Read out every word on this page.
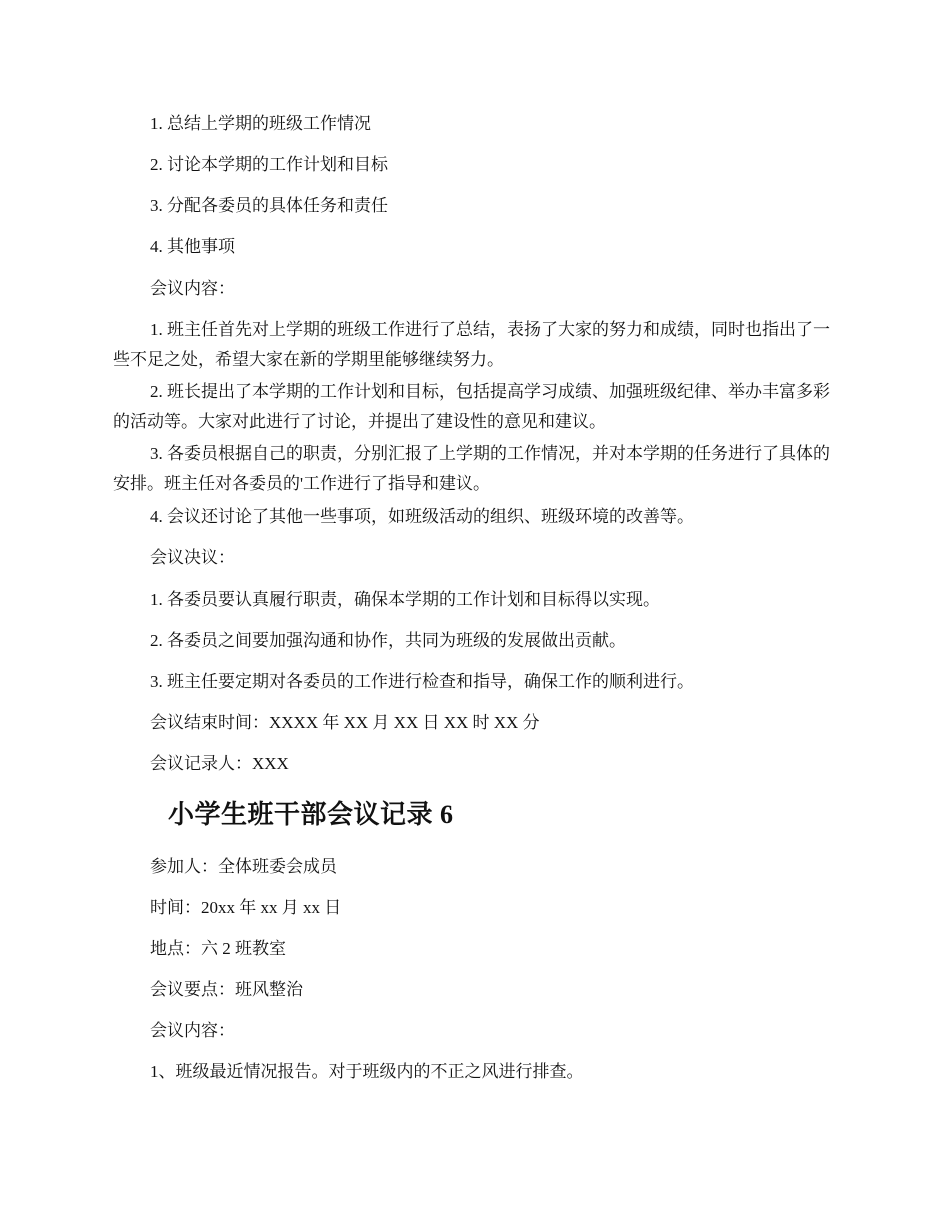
1. 总结上学期的班级工作情况

2. 讨论本学期的工作计划和目标

3. 分配各委员的具体任务和责任

4. 其他事项

会议内容：

1. 班主任首先对上学期的班级工作进行了总结，表扬了大家的努力和成绩，同时也指出了一些不足之处，希望大家在新的学期里能够继续努力。

2. 班长提出了本学期的工作计划和目标，包括提高学习成绩、加强班级纪律、举办丰富多彩的活动等。大家对此进行了讨论，并提出了建设性的意见和建议。

3. 各委员根据自己的职责，分别汇报了上学期的工作情况，并对本学期的任务进行了具体的安排。班主任对各委员的'工作进行了指导和建议。

4. 会议还讨论了其他一些事项，如班级活动的组织、班级环境的改善等。

会议决议：

1. 各委员要认真履行职责，确保本学期的工作计划和目标得以实现。

2. 各委员之间要加强沟通和协作，共同为班级的发展做出贡献。

3. 班主任要定期对各委员的工作进行检查和指导，确保工作的顺利进行。

会议结束时间：XXXX 年 XX 月 XX 日 XX 时 XX 分

会议记录人：XXX

小学生班干部会议记录 6

参加人：全体班委会成员

时间：20xx 年 xx 月 xx 日

地点：六 2 班教室

会议要点：班风整治

会议内容：

1、班级最近情况报告。对于班级内的不正之风进行排查。
